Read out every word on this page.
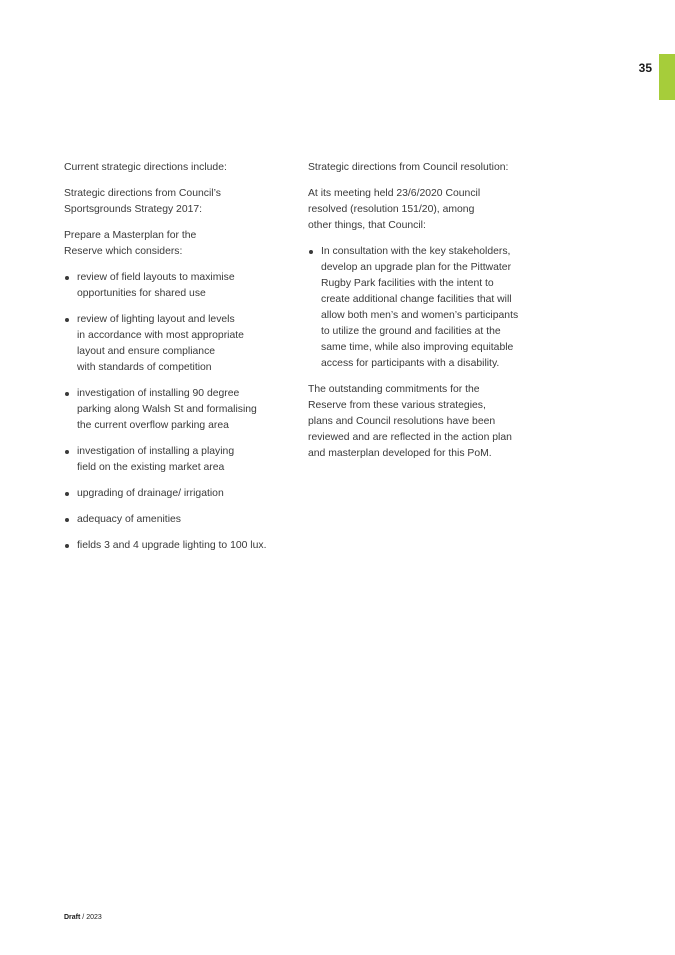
35

Current strategic directions include:

Strategic directions from Council’s
Sportsgrounds Strategy 2017:

Prepare a Masterplan for the
Reserve which considers:

review of field layouts to maximise
opportunities for shared use
review of lighting layout and levels
in accordance with most appropriate
layout and ensure compliance
with standards of competition
investigation of installing 90 degree
parking along Walsh St and formalising
the current overflow parking area
investigation of installing a playing
field on the existing market area
upgrading of drainage/ irrigation
adequacy of amenities
fields 3 and 4 upgrade lighting to 100 lux.

Strategic directions from Council resolution:

At its meeting held 23/6/2020 Council
resolved (resolution 151/20), among
other things, that Council:

In consultation with the key stakeholders,
develop an upgrade plan for the Pittwater
Rugby Park facilities with the intent to
create additional change facilities that will
allow both men’s and women’s participants
to utilize the ground and facilities at the
same time, while also improving equitable
access for participants with a disability.

The outstanding commitments for the
Reserve from these various strategies,
plans and Council resolutions have been
reviewed and are reflected in the action plan
and masterplan developed for this PoM.

Draft / 2023
